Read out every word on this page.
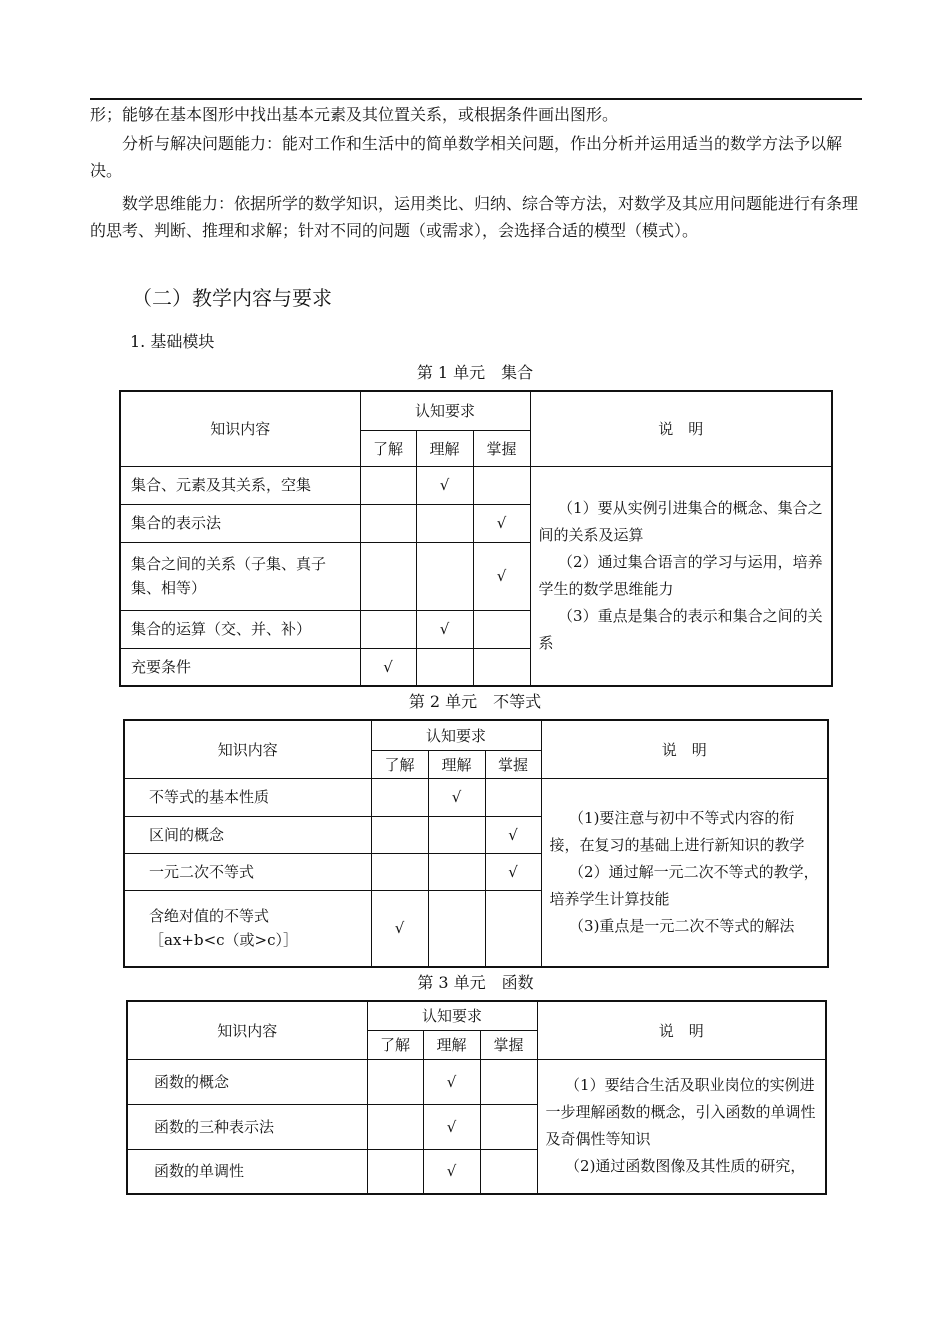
形；能够在基本图形中找出基本元素及其位置关系，或根据条件画出图形。

分析与解决问题能力：能对工作和生活中的简单数学相关问题，作出分析并运用适当的数学方法予以解决。

数学思维能力：依据所学的数学知识，运用类比、归纳、综合等方法，对数学及其应用问题能进行有条理的思考、判断、推理和求解；针对不同的问题（或需求），会选择合适的模型（模式）。

（二）教学内容与要求
1. 基础模块

第 1 单元　集合

知识内容	认知要求			说　明
	了解	理解	掌握	
集合、元素及其关系，空集		√		（1）要从实例引进集合的概念、集合之间的关系及运算

（2）通过集合语言的学习与运用，培养学生的数学思维能力

（3）重点是集合的表示和集合之间的关系

集合的表示法			√	
集合之间的关系（子集、真子集、相等）			√	
集合的运算（交、并、补）		√		
充要条件	√			

第 2 单元　不等式

知识内容	认知要求			说　明
	了解	理解	掌握	
不等式的基本性质		√		（1)要注意与初中不等式内容的衔接，在复习的基础上进行新知识的教学

（2）通过解一元二次不等式的教学，培养学生计算技能

（3)重点是一元二次不等式的解法

区间的概念			√	
一元二次不等式			√	

含绝对值的不等式
［ax+b<c（或>c）］	√			

第 3 单元　函数

知识内容	认知要求			说　明
	了解	理解	掌握	
函数的概念		√		（1）要结合生活及职业岗位的实例进一步理解函数的概念，引入函数的单调性及奇偶性等知识

（2)通过函数图像及其性质的研究，

函数的三种表示法		√		
函数的单调性		√		
